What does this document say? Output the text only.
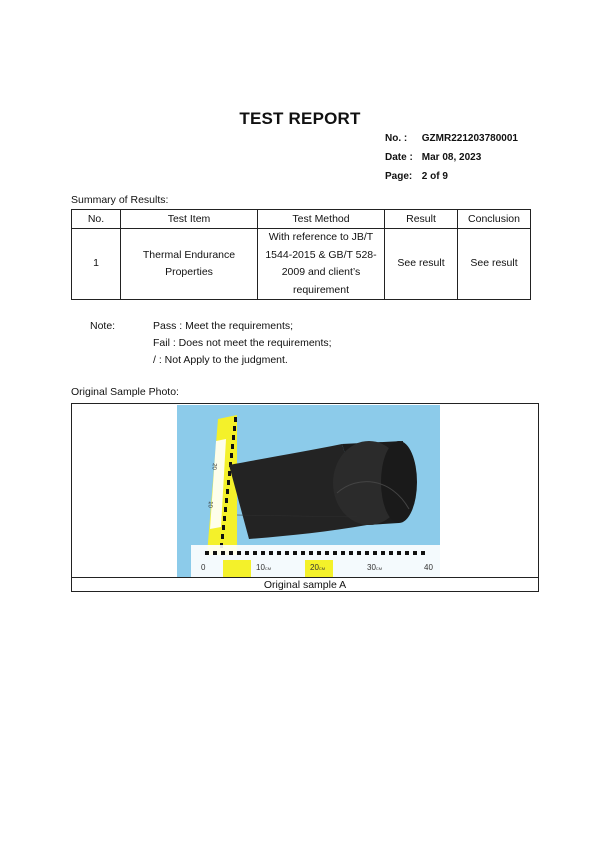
TEST REPORT
No. : GZMR221203780001
Date : Mar 08, 2023
Page: 2 of 9
Summary of Results:
No.	Test Item	Test Method	Result	Conclusion
1	Thermal Endurance Properties	With reference to JB/T 1544-2015 & GB/T 528-2009 and client’s requirement	See result	See result
Note:	Pass : Meet the requirements;
Fail : Does not meet the requirements;
/ : Not Apply to the judgment.
Original Sample Photo:
20
10
0	10CM	20CM	30CM	40
Original sample A
